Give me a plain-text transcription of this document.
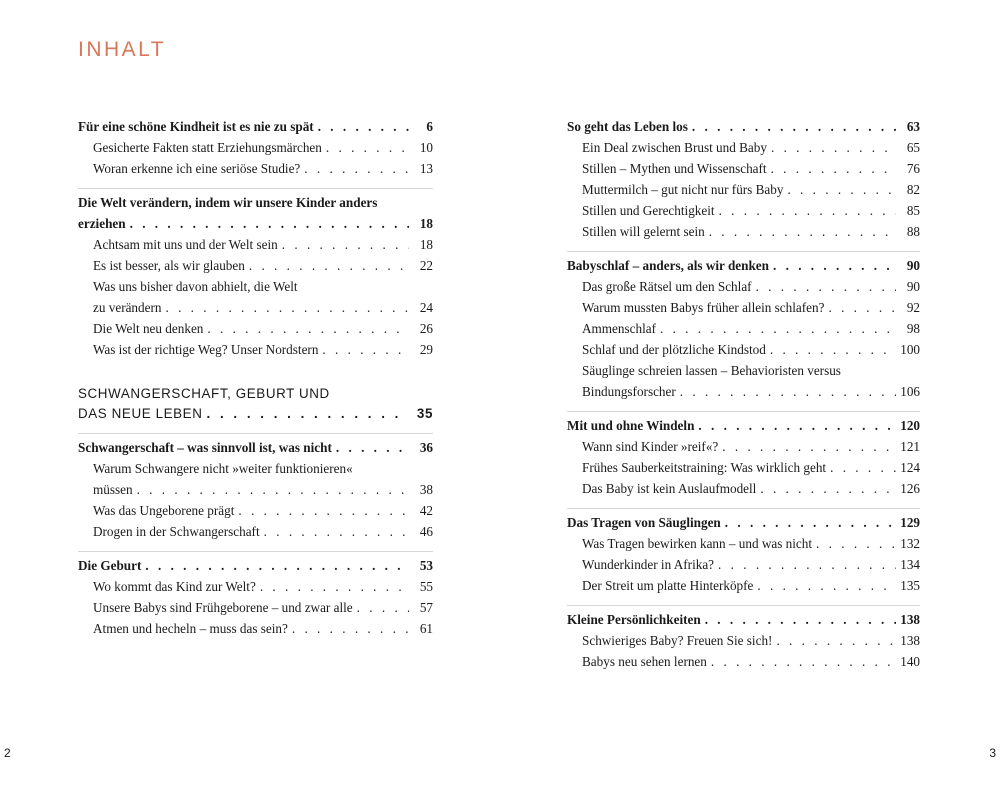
INHALT
Für eine schöne Kindheit ist es nie zu spät . . .	6
Gesicherte Fakten statt Erziehungsmärchen . . .	10
Woran erkenne ich eine seriöse Studie? . . .	13
Die Welt verändern, indem wir unsere Kinder anders
erziehen . . .	18
Achtsam mit uns und der Welt sein . . .	18
Es ist besser, als wir glauben . . .	22
Was uns bisher davon abhielt, die Welt
zu verändern . . .	24
Die Welt neu denken . . .	26
Was ist der richtige Weg? Unser Nordstern . . .	29
SCHWANGERSCHAFT, GEBURT UND
DAS NEUE LEBEN . . .	35
Schwangerschaft – was sinnvoll ist, was nicht . . .	36
Warum Schwangere nicht »weiter funktionieren«
müssen . . .	38
Was das Ungeborene prägt . . .	42
Drogen in der Schwangerschaft . . .	46
Die Geburt . . .	53
Wo kommt das Kind zur Welt? . . .	55
Unsere Babys sind Frühgeborene – und zwar alle . . .	57
Atmen und hecheln – muss das sein? . . .	61
So geht das Leben los . . .	63
Ein Deal zwischen Brust und Baby . . .	65
Stillen – Mythen und Wissenschaft . . .	76
Muttermilch – gut nicht nur fürs Baby . . .	82
Stillen und Gerechtigkeit . . .	85
Stillen will gelernt sein . . .	88
Babyschlaf – anders, als wir denken . . .	90
Das große Rätsel um den Schlaf . . .	90
Warum mussten Babys früher allein schlafen? . . .	92
Ammenschlaf . . .	98
Schlaf und der plötzliche Kindstod . . .	100
Säuglinge schreien lassen – Behavioristen versus
Bindungsforscher . . .	106
Mit und ohne Windeln . . .	120
Wann sind Kinder »reif«? . . .	121
Frühes Sauberkeitstraining: Was wirklich geht . . .	124
Das Baby ist kein Auslaufmodell . . .	126
Das Tragen von Säuglingen . . .	129
Was Tragen bewirken kann – und was nicht . . .	132
Wunderkinder in Afrika? . . .	134
Der Streit um platte Hinterköpfe . . .	135
Kleine Persönlichkeiten . . .	138
Schwieriges Baby? Freuen Sie sich! . . .	138
Babys neu sehen lernen . . .	140
2	3
